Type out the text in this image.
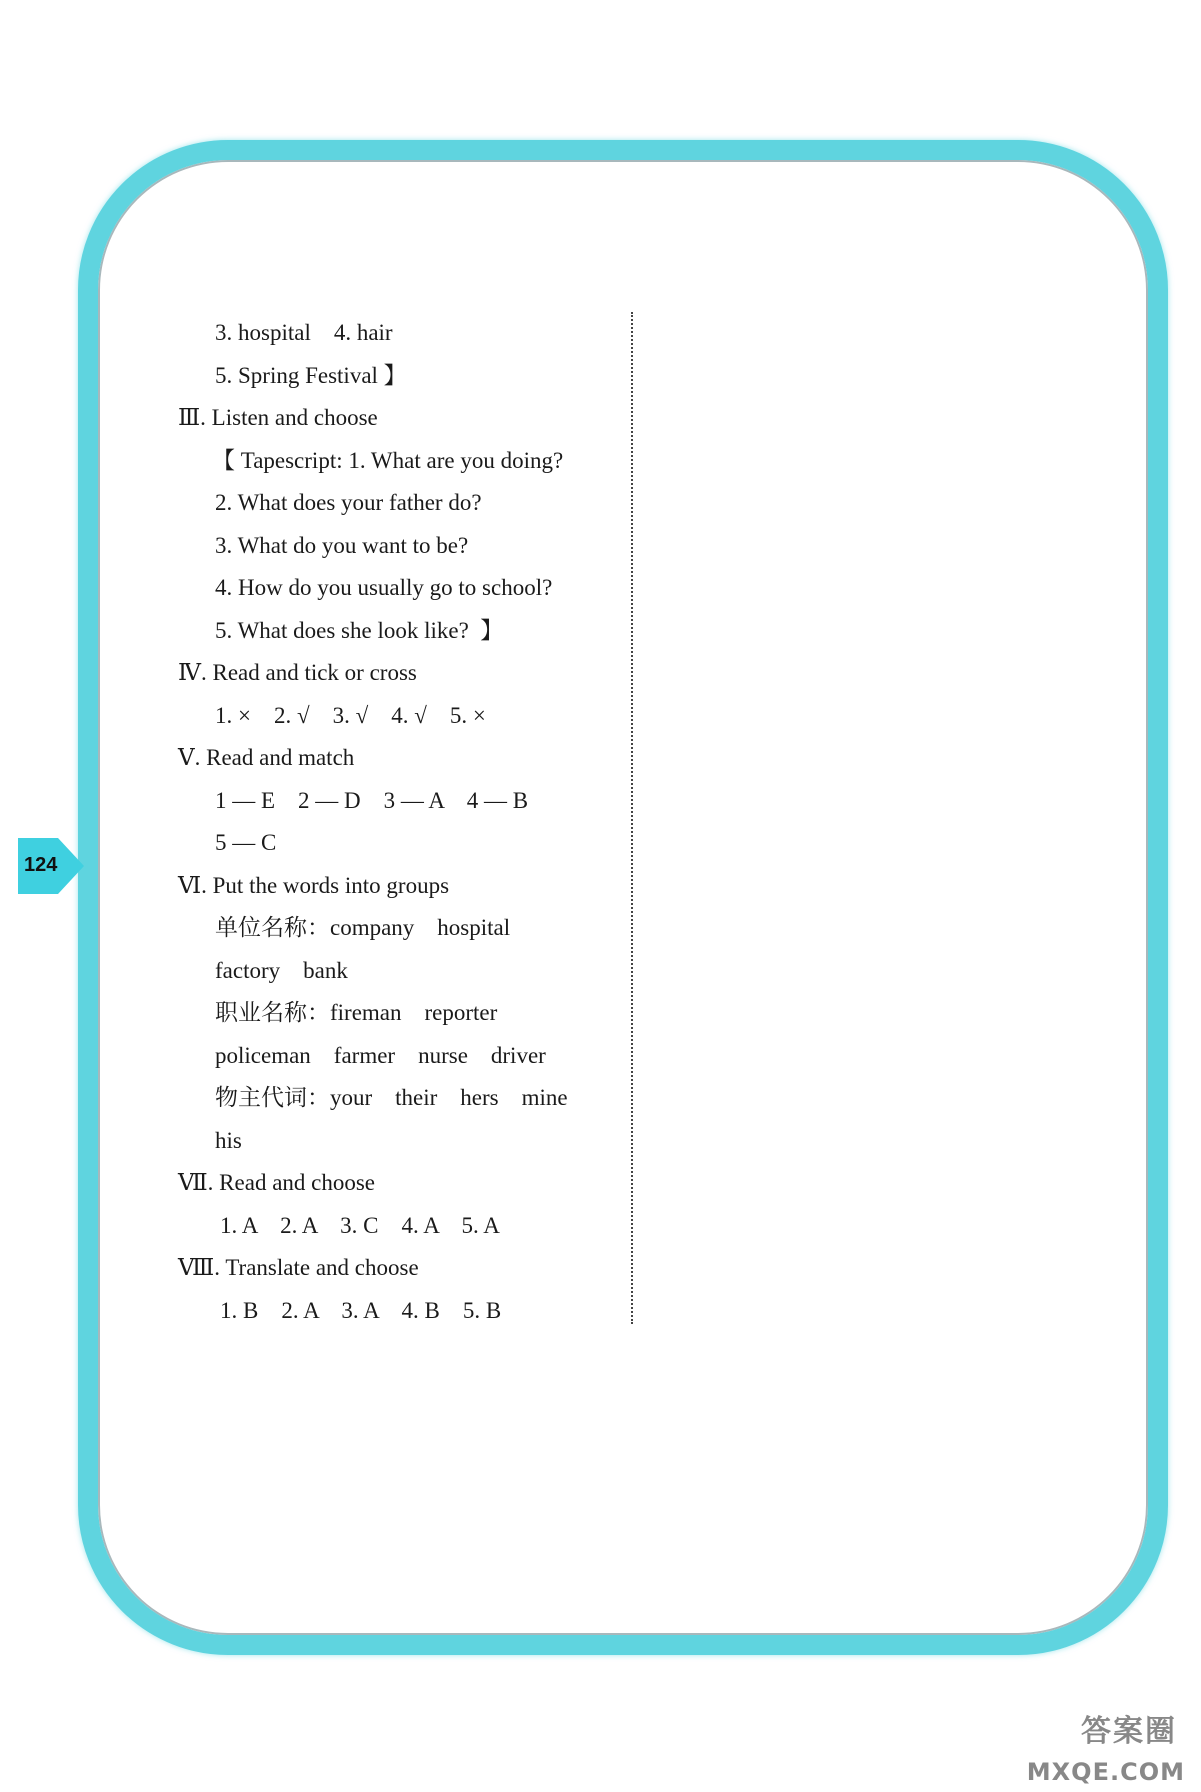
124
3. hospital    4. hair
5. Spring Festival 】
Ⅲ. Listen and choose
【 Tapescript: 1. What are you doing?
2. What does your father do?
3. What do you want to be?
4. How do you usually go to school?
5. What does she look like?  】
Ⅳ. Read and tick or cross
1. ×    2. √    3. √    4. √    5. ×
Ⅴ. Read and match
1 — E    2 — D    3 — A    4 — B
5 — C
Ⅵ. Put the words into groups
单位名称：company    hospital
factory    bank
职业名称：fireman    reporter
policeman    farmer    nurse    driver
物主代词：your    their    hers    mine
his
Ⅶ. Read and choose
1. A    2. A    3. C    4. A    5. A
Ⅷ. Translate and choose
1. B    2. A    3. A    4. B    5. B
答案圈
MXQE.COM
